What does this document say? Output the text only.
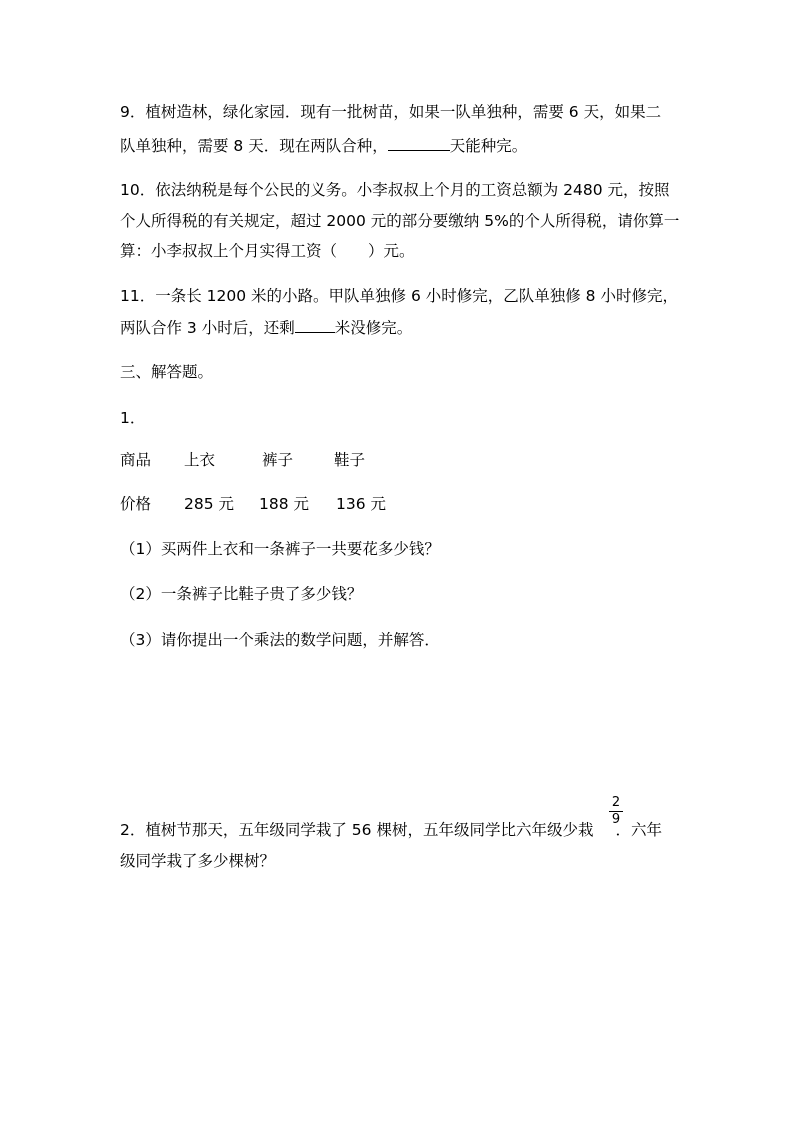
9．植树造林，绿化家园．现有一批树苗，如果一队单独种，需要 6 天，如果二
队单独种，需要 8 天．现在两队合种，	天能种完。
10．依法纳税是每个公民的义务。小李叔叔上个月的工资总额为 2480 元，按照
个人所得税的有关规定，超过 2000 元的部分要缴纳 5%的个人所得税，请你算一
算：小李叔叔上个月实得工资（　　）元。
11．一条长 1200 米的小路。甲队单独修 6 小时修完，乙队单独修 8 小时修完，
两队合作 3 小时后，还剩	米没修完。
三、解答题。
1．
商品 上衣	裤子	鞋子
价格 285 元 188 元 136 元
（1）买两件上衣和一条裤子一共要花多少钱？
（2）一条裤子比鞋子贵了多少钱？
（3）请你提出一个乘法的数学问题，并解答．
2．植树节那天，五年级同学栽了 56 棵树，五年级同学比六年级少栽 ．六年
2
9
级同学栽了多少棵树？
